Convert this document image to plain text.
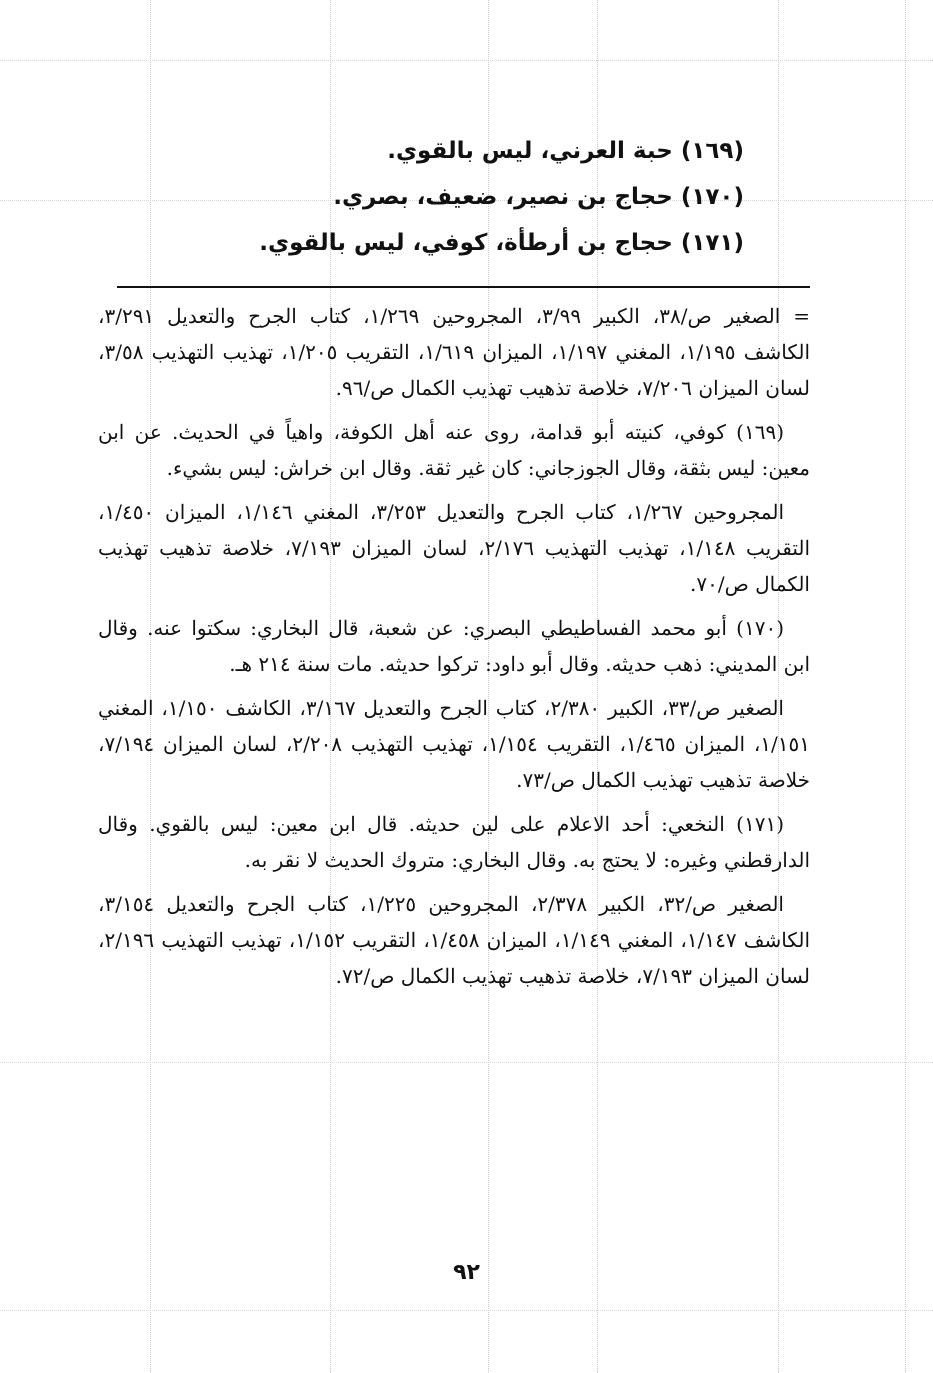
(١٦٩) حبة العرني، ليس بالقوي.
(١٧٠) حجاج بن نصير، ضعيف، بصري.
(١٧١) حجاج بن أرطأة، كوفي، ليس بالقوي.

= الصغير ص/٣٨، الكبير ٣/٩٩، المجروحين ١/٢٦٩، كتاب الجرح والتعديل ٣/٢٩١، الكاشف ١/١٩٥، المغني ١/١٩٧، الميزان ١/٦١٩، التقريب ١/٢٠٥، تهذيب التهذيب ٣/٥٨، لسان الميزان ٧/٢٠٦، خلاصة تذهيب تهذيب الكمال ص/٩٦.

(١٦٩) كوفي، كنيته أبو قدامة، روى عنه أهل الكوفة، واهياً في الحديث. عن ابن معين: ليس بثقة، وقال الجوزجاني: كان غير ثقة. وقال ابن خراش: ليس بشيء.

المجروحين ١/٢٦٧، كتاب الجرح والتعديل ٣/٢٥٣، المغني ١/١٤٦، الميزان ١/٤٥٠، التقريب ١/١٤٨، تهذيب التهذيب ٢/١٧٦، لسان الميزان ٧/١٩٣، خلاصة تذهيب تهذيب الكمال ص/٧٠.

(١٧٠) أبو محمد الفساطيطي البصري: عن شعبة، قال البخاري: سكتوا عنه. وقال ابن المديني: ذهب حديثه. وقال أبو داود: تركوا حديثه. مات سنة ٢١٤ هـ.

الصغير ص/٣٣، الكبير ٢/٣٨٠، كتاب الجرح والتعديل ٣/١٦٧، الكاشف ١/١٥٠، المغني ١/١٥١، الميزان ١/٤٦٥، التقريب ١/١٥٤، تهذيب التهذيب ٢/٢٠٨، لسان الميزان ٧/١٩٤، خلاصة تذهيب تهذيب الكمال ص/٧٣.

(١٧١) النخعي: أحد الاعلام على لين حديثه. قال ابن معين: ليس بالقوي. وقال الدارقطني وغيره: لا يحتج به. وقال البخاري: متروك الحديث لا نقر به.

الصغير ص/٣٢، الكبير ٢/٣٧٨، المجروحين ١/٢٢٥، كتاب الجرح والتعديل ٣/١٥٤، الكاشف ١/١٤٧، المغني ١/١٤٩، الميزان ١/٤٥٨، التقريب ١/١٥٢، تهذيب التهذيب ٢/١٩٦، لسان الميزان ٧/١٩٣، خلاصة تذهيب تهذيب الكمال ص/٧٢.

٩٢
